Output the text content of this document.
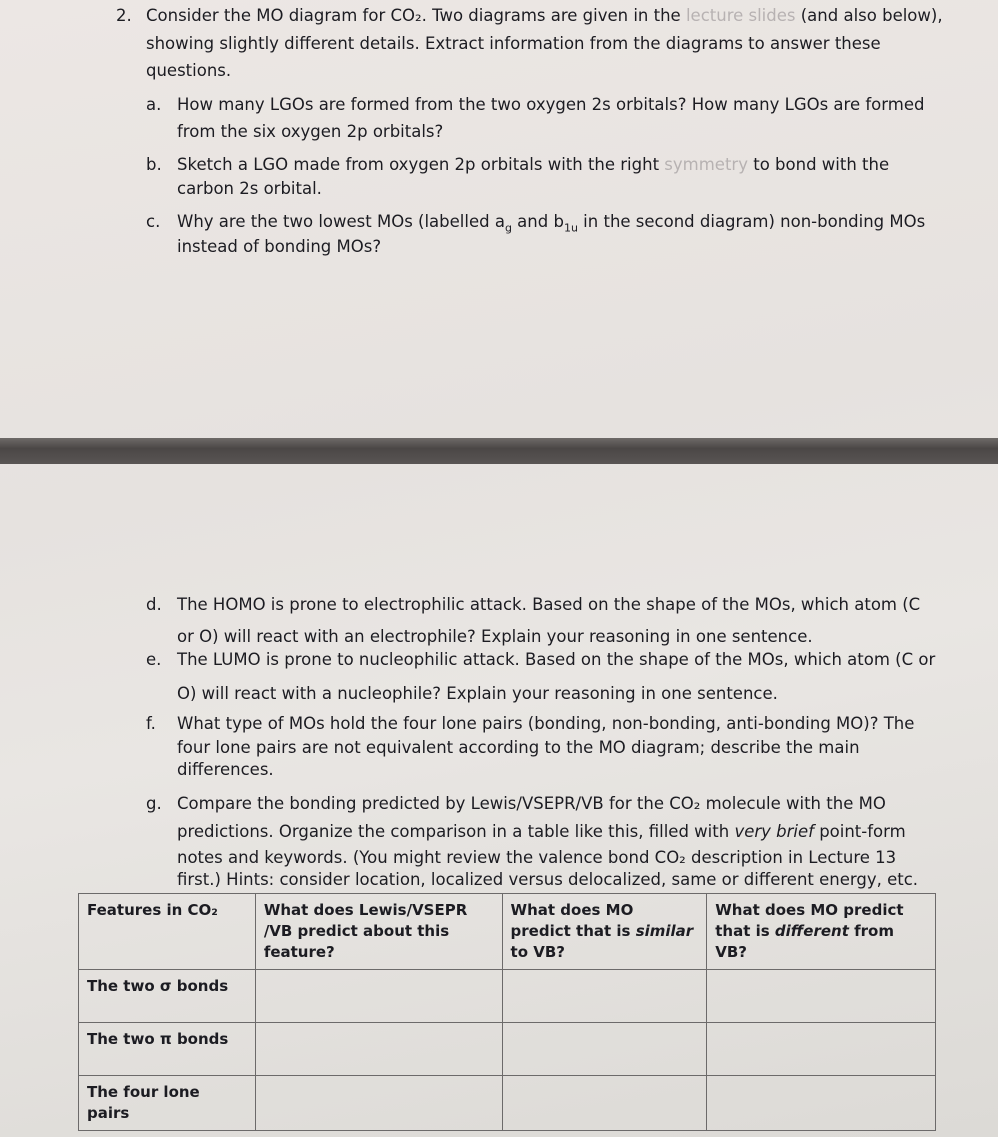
2. Consider the MO diagram for CO₂. Two diagrams are given in the lecture slides (and also below),
showing slightly different details. Extract information from the diagrams to answer these
questions.
a. How many LGOs are formed from the two oxygen 2s orbitals? How many LGOs are formed
from the six oxygen 2p orbitals?
b. Sketch a LGO made from oxygen 2p orbitals with the right symmetry to bond with the
carbon 2s orbital.
c. Why are the two lowest MOs (labelled $a_g$ and $b_{1u}$ in the second diagram) non-bonding MOs
instead of bonding MOs?
d. The HOMO is prone to electrophilic attack. Based on the shape of the MOs, which atom (C
or O) will react with an electrophile? Explain your reasoning in one sentence.
e. The LUMO is prone to nucleophilic attack. Based on the shape of the MOs, which atom (C or
O) will react with a nucleophile? Explain your reasoning in one sentence.
f. What type of MOs hold the four lone pairs (bonding, non-bonding, anti-bonding MO)? The
four lone pairs are not equivalent according to the MO diagram; describe the main
differences.
g. Compare the bonding predicted by Lewis/VSEPR/VB for the CO₂ molecule with the MO
predictions. Organize the comparison in a table like this, filled with very brief point-form
notes and keywords. (You might review the valence bond CO₂ description in Lecture 13
first.) Hints: consider location, localized versus delocalized, same or different energy, etc.
Features in CO₂	What does Lewis/VSEPR /VB predict about this feature?	What does MO predict that is similar to VB?	What does MO predict that is different from VB?
The two σ bonds			
The two π bonds			
The four lone pairs			
